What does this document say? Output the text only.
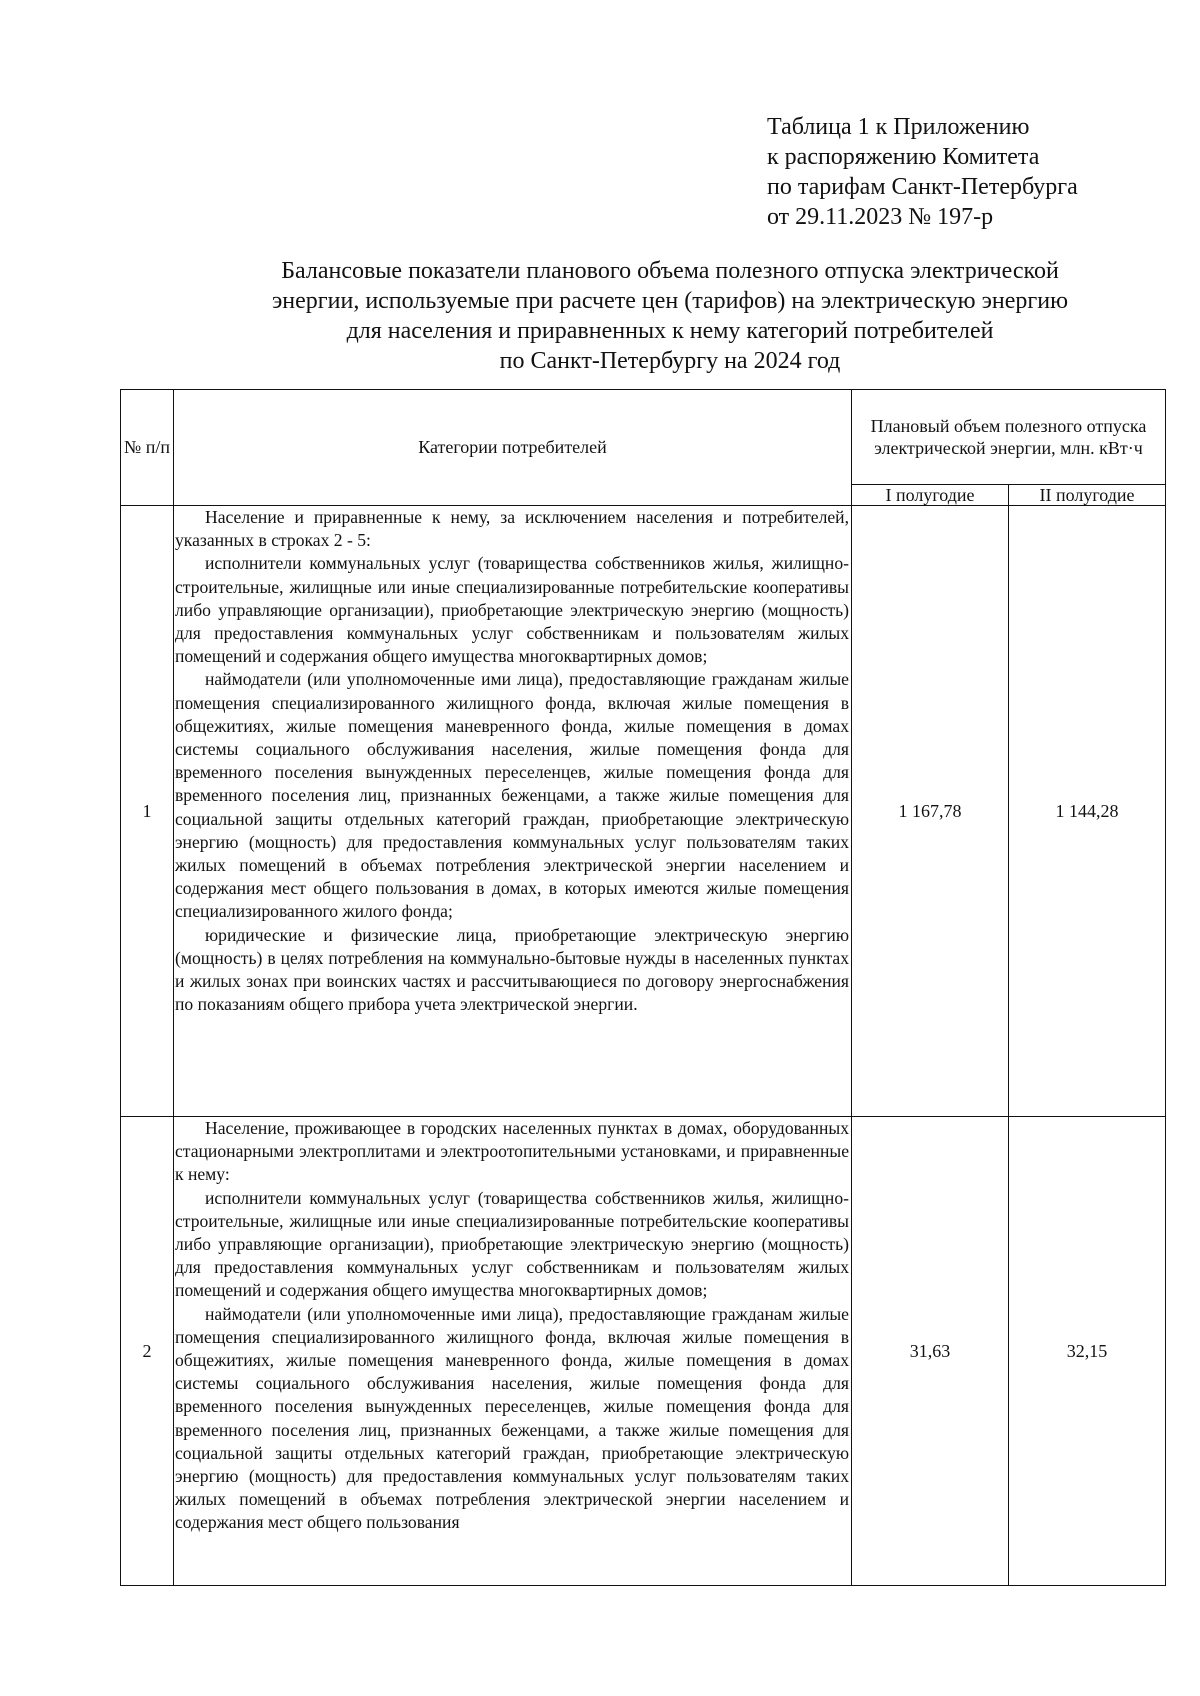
Таблица 1 к Приложению
к распоряжению Комитета
по тарифам Санкт-Петербурга
от 29.11.2023 № 197-р
Балансовые показатели планового объема полезного отпуска электрической
энергии, используемые при расчете цен (тарифов) на электрическую энергию
для населения и приравненных к нему категорий потребителей
по Санкт-Петербургу на 2024 год
№ п/п	Категории потребителей	Плановый объем полезного отпуска электрической энергии, млн. кВт·ч	
		I полугодие	II полугодие
1	Население и приравненные к нему, за исключением населения и потребителей, указанных в строках 2 - 5:
исполнители коммунальных услуг (товарищества собственников жилья, жилищно-строительные, жилищные или иные специализированные потребительские кооперативы либо управляющие организации), приобретающие электрическую энергию (мощность) для предоставления коммунальных услуг собственникам и пользователям жилых помещений и содержания общего имущества многоквартирных домов;
наймодатели (или уполномоченные ими лица), предоставляющие гражданам жилые помещения специализированного жилищного фонда, включая жилые помещения в общежитиях, жилые помещения маневренного фонда, жилые помещения в домах системы социального обслуживания населения, жилые помещения фонда для временного поселения вынужденных переселенцев, жилые помещения фонда для временного поселения лиц, признанных беженцами, а также жилые помещения для социальной защиты отдельных категорий граждан, приобретающие электрическую энергию (мощность) для предоставления коммунальных услуг пользователям таких жилых помещений в объемах потребления электрической энергии населением и содержания мест общего пользования в домах, в которых имеются жилые помещения специализированного жилого фонда;
юридические и физические лица, приобретающие электрическую энергию (мощность) в целях потребления на коммунально-бытовые нужды в населенных пунктах и жилых зонах при воинских частях и рассчитывающиеся по договору энергоснабжения по показаниям общего прибора учета электрической энергии.	1 167,78	1 144,28
2	Население, проживающее в городских населенных пунктах в домах, оборудованных стационарными электроплитами и электроотопительными установками, и приравненные к нему:
исполнители коммунальных услуг (товарищества собственников жилья, жилищно-строительные, жилищные или иные специализированные потребительские кооперативы либо управляющие организации), приобретающие электрическую энергию (мощность) для предоставления коммунальных услуг собственникам и пользователям жилых помещений и содержания общего имущества многоквартирных домов;
наймодатели (или уполномоченные ими лица), предоставляющие гражданам жилые помещения специализированного жилищного фонда, включая жилые помещения в общежитиях, жилые помещения маневренного фонда, жилые помещения в домах системы социального обслуживания населения, жилые помещения фонда для временного поселения вынужденных переселенцев, жилые помещения фонда для временного поселения лиц, признанных беженцами, а также жилые помещения для социальной защиты отдельных категорий граждан, приобретающие электрическую энергию (мощность) для предоставления коммунальных услуг пользователям таких жилых помещений в объемах потребления электрической энергии населением и содержания мест общего пользования	31,63	32,15
